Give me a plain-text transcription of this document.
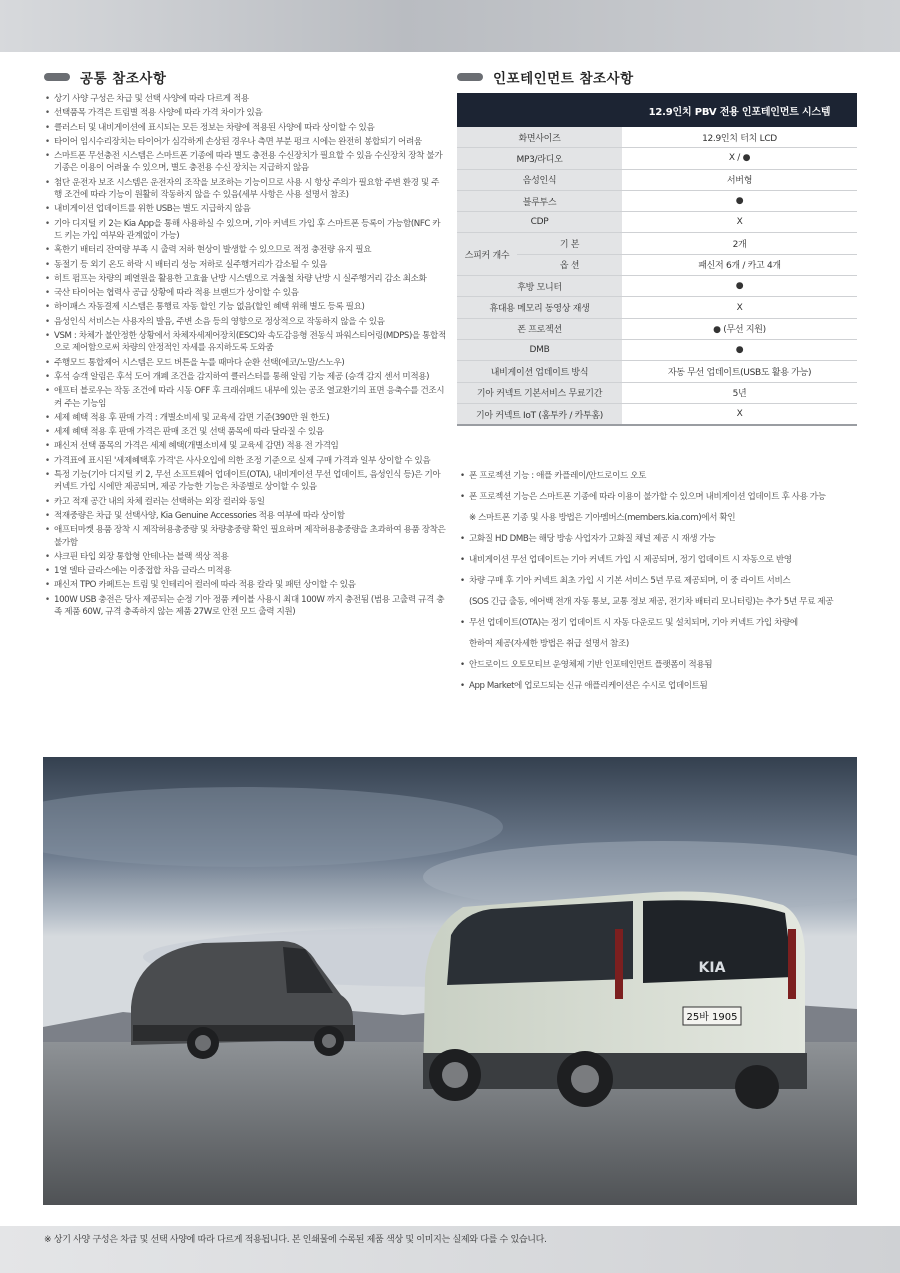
공통 참조사항
• 상기 사양 구성은 차급 및 선택 사양에 따라 다르게 적용
• 선택품목 가격은 트림별 적용 사양에 따라 가격 차이가 있음
• 클러스터 및 내비게이션에 표시되는 모든 정보는 차량에 적용된 사양에 따라 상이할 수 있음
• 타이어 임시수리장치는 타이어가 심각하게 손상된 경우나 측면 부분 펑크 시에는 완전히 봉합되기 어려움
• 스마트폰 무선충전 시스템은 스마트폰 기종에 따라 별도 충전용 수신장치가 필요할 수 있음 수신장치 장착 불가 기종은 이용이 어려울 수 있으며, 별도 충전용 수신 장치는 지급하지 않음
• 첨단 운전자 보조 시스템은 운전자의 조작을 보조하는 기능이므로 사용 시 항상 주의가 필요함 주변 환경 및 주행 조건에 따라 기능이 원활히 작동하지 않을 수 있음(세부 사항은 사용 설명서 참조)
• 내비게이션 업데이트를 위한 USB는 별도 지급하지 않음
• 기아 디지털 키 2는 Kia App을 통해 사용하실 수 있으며, 기아 커넥트 가입 후 스마트폰 등록이 가능함(NFC 카드 키는 가입 여부와 관계없이 가능)
• 혹한기 배터리 잔여량 부족 시 출력 저하 현상이 발생할 수 있으므로 적정 충전량 유지 필요
• 동절기 등 외기 온도 하락 시 배터리 성능 저하로 실주행거리가 감소될 수 있음
• 히트 펌프는 차량의 폐열원을 활용한 고효율 난방 시스템으로 겨울철 차량 난방 시 실주행거리 감소 최소화
• 국산 타이어는 협력사 공급 상황에 따라 적용 브랜드가 상이할 수 있음
• 하이패스 자동결제 시스템은 통행료 자동 할인 기능 없음(할인 혜택 위해 별도 등록 필요)
• 음성인식 서비스는 사용자의 발음, 주변 소음 등의 영향으로 정상적으로 작동하지 않을 수 있음
• VSM : 차체가 불안정한 상황에서 차체자세제어장치(ESC)와 속도감응형 전동식 파워스티어링(MDPS)을 통합적으로 제어함으로써 차량의 안정적인 자세를 유지하도록 도와줌
• 주행모드 통합제어 시스템은 모드 버튼을 누를 때마다 순환 선택(에코/노말/스노우)
• 후석 승객 알림은 후석 도어 개폐 조건을 감지하여 클러스터를 통해 알림 기능 제공 (승객 감지 센서 미적용)
• 애프터 블로우는 작동 조건에 따라 시동 OFF 후 크래쉬패드 내부에 있는 공조 열교환기의 표면 응축수를 건조시켜 주는 기능임
• 세제 혜택 적용 후 판매 가격 : 개별소비세 및 교육세 감면 기준(390만 원 한도)
• 세제 혜택 적용 후 판매 가격은 판매 조건 및 선택 품목에 따라 달라질 수 있음
• 패신저 선택 품목의 가격은 세제 혜택(개별소비세 및 교육세 감면) 적용 전 가격임
• 가격표에 표시된 '세제혜택후 가격'은 사사오입에 의한 조정 기준으로 실제 구매 가격과 일부 상이할 수 있음
• 특정 기능(기아 디지털 키 2, 무선 소프트웨어 업데이트(OTA), 내비게이션 무선 업데이트, 음성인식 등)은 기아 커넥트 가입 시에만 제공되며, 제공 가능한 기능은 차종별로 상이할 수 있음
• 카고 적재 공간 내의 차체 컬러는 선택하는 외장 컬러와 동일
• 적재중량은 차급 및 선택사양, Kia Genuine Accessories 적용 여부에 따라 상이함
• 애프터마켓 용품 장착 시 제작허용총중량 및 차량총중량 확인 필요하며 제작허용총중량을 초과하여 용품 장착은 불가함
• 샤크핀 타입 외장 통합형 안테나는 블랙 색상 적용
• 1열 델타 글라스에는 이중접합 차음 글라스 미적용
• 패신저 TPO 카페트는 트림 및 인테리어 컬러에 따라 적용 칼라 및 패턴 상이할 수 있음
• 100W USB 충전은 당사 제공되는 순정 기아 정품 케이블 사용시 최대 100W 까지 충전됨 (범용 고출력 규격 충족 제품 60W, 규격 충족하지 않는 제품 27W로 안전 모드 출력 지원)
인포테인먼트 참조사항
		12.9인치 PBV 전용 인포테인먼트 시스템
화면사이즈		12.9인치 터치 LCD
MP3/라디오		X / ●
음성인식		서버형
블루투스		●
CDP		X
스피커 개수	기 본	2개
	옵 션	패신저 6개 / 카고 4개
후방 모니터		●
휴대용 메모리 동영상 재생		X
폰 프로젝션		● (무선 지원)
DMB		●
내비게이션 업데이트 방식		자동 무선 업데이트(USB도 활용 가능)
기아 커넥트 기본서비스 무료기간		5년
기아 커넥트 IoT (홈투카 / 카투홈)		X
• 폰 프로젝션 기능 : 애플 카플레이/안드로이드 오토
• 폰 프로젝션 기능은 스마트폰 기종에 따라 이용이 불가할 수 있으며 내비게이션 업데이트 후 사용 가능
※ 스마트폰 기종 및 사용 방법은 기아멤버스(members.kia.com)에서 확인
• 고화질 HD DMB는 해당 방송 사업자가 고화질 채널 제공 시 재생 가능
• 내비게이션 무선 업데이트는 기아 커넥트 가입 시 제공되며, 정기 업데이트 시 자동으로 반영
• 차량 구매 후 기아 커넥트 최초 가입 시 기본 서비스 5년 무료 제공되며, 이 중 라이트 서비스
(SOS 긴급 출동, 에어백 전개 자동 통보, 교통 정보 제공, 전기차 배터리 모니터링)는 추가 5년 무료 제공
• 무선 업데이트(OTA)는 정기 업데이트 시 자동 다운로드 및 설치되며, 기아 커넥트 가입 차량에
한하여 제공(자세한 방법은 취급 설명서 참조)
• 안드로이드 오토모티브 운영체제 기반 인포테인먼트 플랫폼이 적용됨
• App Market에 업로드되는 신규 애플리케이션은 수시로 업데이트됨
25바 1905
KIA
※ 상기 사양 구성은 차급 및 선택 사양에 따라 다르게 적용됩니다. 본 인쇄물에 수록된 제품 색상 및 이미지는 실제와 다를 수 있습니다.
